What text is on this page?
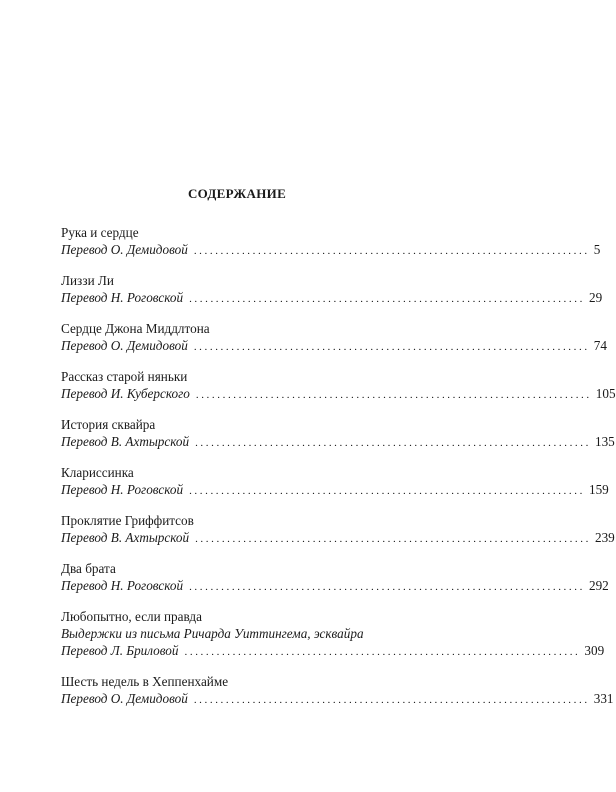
СОДЕРЖАНИЕ
Рука и сердце
Перевод О. Демидовой .......................................................................... 5
Лиззи Ли
Перевод Н. Роговской .......................................................................... 29
Сердце Джона Миддлтона
Перевод О. Демидовой .......................................................................... 74
Рассказ старой няньки
Перевод И. Куберского .......................................................................... 105
История сквайра
Перевод В. Ахтырской .......................................................................... 135
Кларисcинка
Перевод Н. Роговской .......................................................................... 159
Проклятие Гриффитсов
Перевод В. Ахтырской .......................................................................... 239
Два брата
Перевод Н. Роговской .......................................................................... 292
Любопытно, если правда
Выдержки из письма Ричарда Уиттингема, эсквайра
Перевод Л. Бриловой .......................................................................... 309
Шесть недель в Хеппенхайме
Перевод О. Демидовой .......................................................................... 331
